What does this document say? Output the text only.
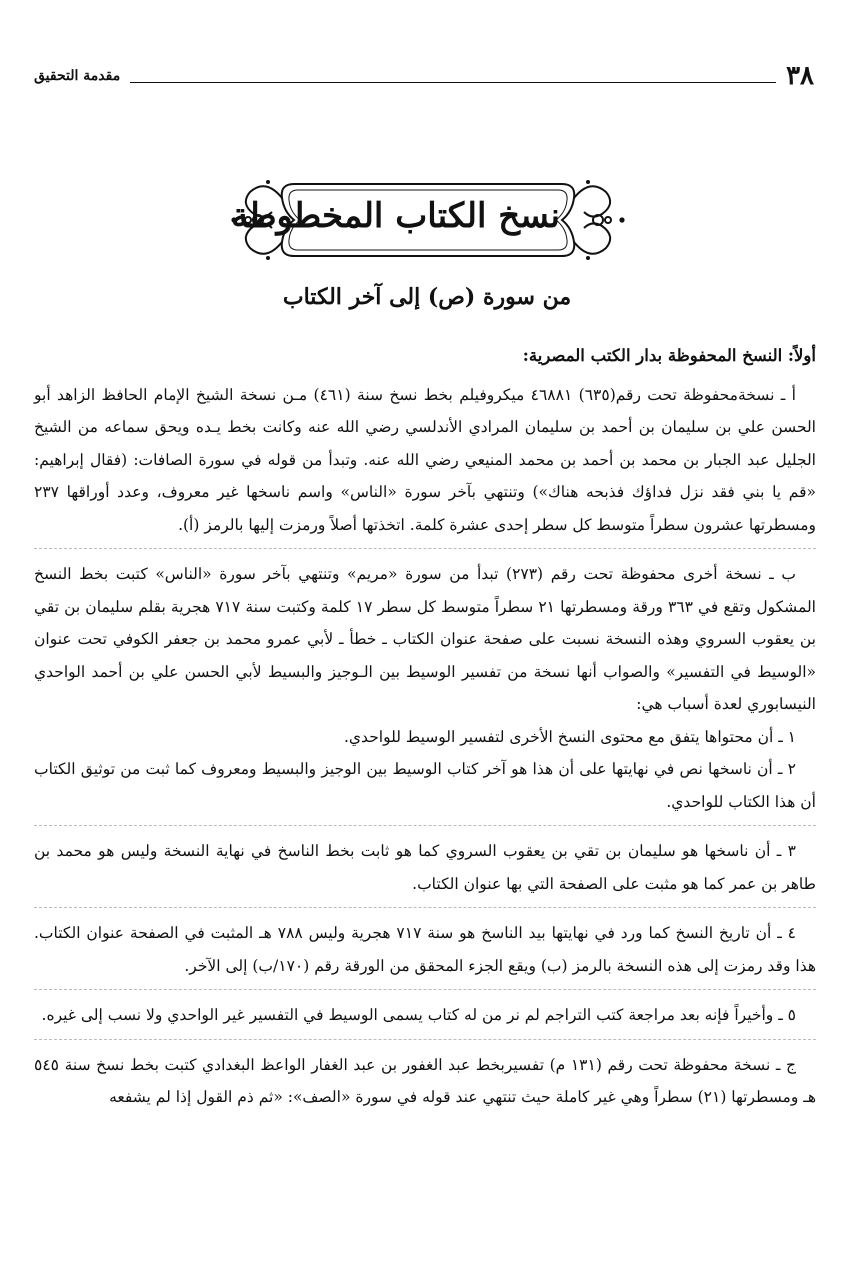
٣٨
مقدمة التحقيق
نسخ الكتاب المخطوطة
من سورة (ص) إلى آخر الكتاب

أولاً: النسخ المحفوظة بدار الكتب المصرية:

أ ـ نسخةمحفوظة تحت رقم(٦٣٥) ٤٦٨٨١ ميكروفيلم بخط نسخ سنة (٤٦١) مـن نسخة الشيخ الإمام الحافظ الزاهد أبو الحسن علي بن سليمان بن أحمد بن سليمان المرادي الأندلسي رضي الله عنه وكانت بخط يـده ويحق سماعه من الشيخ الجليل عبد الجبار بن محمد بن أحمد بن محمد المنيعي رضي الله عنه. وتبدأ من قوله في سورة الصافات: (فقال إبراهيم: «قم يا بني فقد نزل فداؤك فذبحه هناك») وتنتهي بآخر سورة «الناس» واسم ناسخها غير معروف، وعدد أوراقها ٢٣٧ ومسطرتها عشرون سطراً متوسط كل سطر إحدى عشرة كلمة. اتخذتها أصلاً ورمزت إليها بالرمز (أ).

ب ـ نسخة أخرى محفوظة تحت رقم (٢٧٣) تبدأ من سورة «مريم» وتنتهي بآخر سورة «الناس» كتبت بخط النسخ المشكول وتقع في ٣٦٣ ورقة ومسطرتها ٢١ سطراً متوسط كل سطر ١٧ كلمة وكتبت سنة ٧١٧ هجرية بقلم سليمان بن تقي بن يعقوب السروي وهذه النسخة نسبت على صفحة عنوان الكتاب ـ خطأ ـ لأبي عمرو محمد بن جعفر الكوفي تحت عنوان «الوسيط في التفسير» والصواب أنها نسخة من تفسير الوسيط بين الـوجيز والبسيط لأبي الحسن علي بن أحمد الواحدي النيسابوري لعدة أسباب هي:

١ ـ أن محتواها يتفق مع محتوى النسخ الأخرى لتفسير الوسيط للواحدي.

٢ ـ أن ناسخها نص في نهايتها على أن هذا هو آخر كتاب الوسيط بين الوجيز والبسيط ومعروف كما ثبت من توثيق الكتاب أن هذا الكتاب للواحدي.

٣ ـ أن ناسخها هو سليمان بن تقي بن يعقوب السروي كما هو ثابت بخط الناسخ في نهاية النسخة وليس هو محمد بن طاهر بن عمر كما هو مثبت على الصفحة التي بها عنوان الكتاب.

٤ ـ أن تاريخ النسخ كما ورد في نهايتها بيد الناسخ هو سنة ٧١٧ هجرية وليس ٧٨٨ هـ المثبت في الصفحة عنوان الكتاب. هذا وقد رمزت إلى هذه النسخة بالرمز (ب) ويقع الجزء المحقق من الورقة رقم (١٧٠/ب) إلى الآخر.

٥ ـ وأخيراً فإنه بعد مراجعة كتب التراجم لم نر من له كتاب يسمى الوسيط في التفسير غير الواحدي ولا نسب إلى غيره.

ج ـ نسخة محفوظة تحت رقم (١٣١ م) تفسيربخط عبد الغفور بن عبد الغفار الواعظ البغدادي كتبت بخط نسخ سنة ٥٤٥ هـ ومسطرتها (٢١) سطراً وهي غير كاملة حيث تنتهي عند قوله في سورة «الصف»: «ثم ذم القول إذا لم يشفعه
